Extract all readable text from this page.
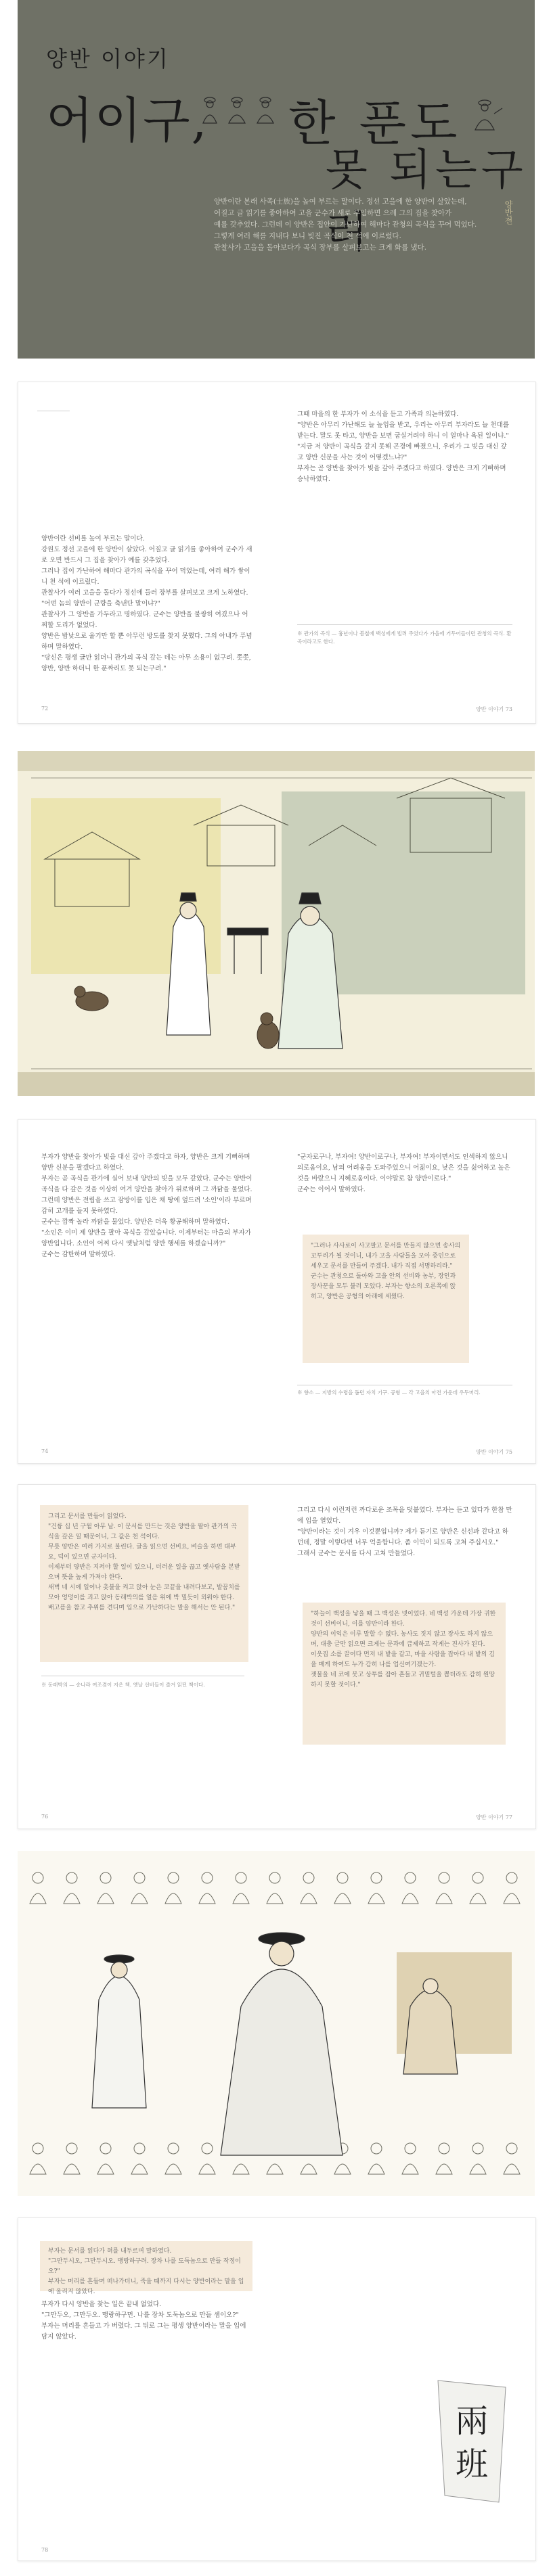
양반 이야기
어이구, 한 푼도
못 되는구려

양반이란 본래 사족(士族)을 높여 부르는 말이다. 정선 고을에 한 양반이 살았는데,

어질고 글 읽기를 좋아하여 고을 군수가 새로 부임하면 으레 그의 집을 찾아가

예를 갖추었다. 그런데 이 양반은 집안이 가난하여 해마다 관청의 곡식을 꾸어 먹었다.

그렇게 여러 해를 지내다 보니 빚진 곡식이 천 석에 이르렀다.

관찰사가 고을을 돌아보다가 곡식 장부를 살펴보고는 크게 화를 냈다.

양반전

양반이란 선비를 높여 부르는 말이다.

강원도 정선 고을에 한 양반이 살았다. 어질고 글 읽기를 좋아하여 군수가 새로 오면 반드시 그 집을 찾아가 예를 갖추었다.

그러나 집이 가난하여 해마다 관가의 곡식을 꾸어 먹었는데, 여러 해가 쌓이니 천 석에 이르렀다.

관찰사가 여러 고을을 돌다가 정선에 들러 장부를 살펴보고 크게 노하였다.

"어떤 놈의 양반이 군량을 축낸단 말이냐?"

관찰사가 그 양반을 가두라고 명하였다. 군수는 양반을 불쌍히 여겼으나 어찌할 도리가 없었다.

양반은 밤낮으로 울기만 할 뿐 아무런 방도를 찾지 못했다. 그의 아내가 푸념하며 말하였다.

"당신은 평생 글만 읽더니 관가의 곡식 갚는 데는 아무 소용이 없구려. 쯧쯧, 양반, 양반 하더니 한 푼짜리도 못 되는구려."

그때 마을의 한 부자가 이 소식을 듣고 가족과 의논하였다.

"양반은 아무리 가난해도 늘 높임을 받고, 우리는 아무리 부자라도 늘 천대를 받는다. 말도 못 타고, 양반을 보면 굽실거려야 하니 이 얼마나 욕된 일이냐."

"지금 저 양반이 곡식을 갚지 못해 곤경에 빠졌으니, 우리가 그 빚을 대신 갚고 양반 신분을 사는 것이 어떻겠느냐?"

부자는 곧 양반을 찾아가 빚을 갚아 주겠다고 하였다. 양반은 크게 기뻐하며 승낙하였다.

※ 관가의 곡식 — 흉년이나 봄철에 백성에게 빌려 주었다가 가을에 거두어들이던 관청의 곡식. 환곡이라고도 한다.
72	양반 이야기 73

부자가 양반을 찾아가 빚을 대신 갚아 주겠다고 하자, 양반은 크게 기뻐하며 양반 신분을 팔겠다고 하였다.

부자는 곧 곡식을 관가에 실어 보내 양반의 빚을 모두 갚았다. 군수는 양반이 곡식을 다 갚은 것을 이상히 여겨 양반을 찾아가 위로하며 그 까닭을 물었다.

그런데 양반은 전립을 쓰고 잠방이를 입은 채 땅에 엎드려 '소인'이라 부르며 감히 고개를 들지 못하였다.

군수는 깜짝 놀라 까닭을 물었다. 양반은 더욱 황공해하며 말하였다.

"소인은 이미 제 양반을 팔아 곡식을 갚았습니다. 이제부터는 마을의 부자가 양반입니다. 소인이 어찌 다시 옛날처럼 양반 행세를 하겠습니까?"

군수는 감탄하며 말하였다.

"군자로구나, 부자여! 양반이로구나, 부자여! 부자이면서도 인색하지 않으니 의로움이요, 남의 어려움을 도와주었으니 어짊이요, 낮은 것을 싫어하고 높은 것을 바랐으니 지혜로움이다. 이야말로 참 양반이로다."

군수는 이어서 말하였다.

"그러나 사사로이 사고팔고 문서를 만들지 않으면 송사의 꼬투리가 될 것이니, 내가 고을 사람들을 모아 증인으로 세우고 문서를 만들어 주겠다. 내가 직접 서명하리라."

군수는 관청으로 돌아와 고을 안의 선비와 농부, 장인과 장사꾼을 모두 불러 모았다. 부자는 향소의 오른쪽에 앉히고, 양반은 공형의 아래에 세웠다.

※ 향소 — 지방의 수령을 돕던 자치 기구. 공형 — 각 고을의 아전 가운데 우두머리.
74	양반 이야기 75

그리고 문서를 만들어 읽었다.

"건륭 십 년 구월 아무 날. 이 문서를 만드는 것은 양반을 팔아 관가의 곡식을 갚은 일 때문이니, 그 값은 천 석이다.

무릇 양반은 여러 가지로 불린다. 글을 읽으면 선비요, 벼슬을 하면 대부요, 덕이 있으면 군자이다.

이제부터 양반은 지켜야 할 일이 있으니, 더러운 일을 끊고 옛사람을 본받으며 뜻을 높게 가져야 한다.

새벽 네 시에 일어나 촛불을 켜고 앉아 눈은 코끝을 내려다보고, 발꿈치를 모아 엉덩이를 괴고 앉아 동래박의를 얼음 위에 박 밀듯이 외워야 한다.

배고픔을 참고 추위를 견디며 입으로 가난하다는 말을 해서는 안 된다."

※ 동래박의 — 송나라 여조겸이 지은 책. 옛날 선비들이 즐겨 읽던 책이다.

그리고 다시 이런저런 까다로운 조목을 덧붙였다. 부자는 듣고 있다가 한참 만에 입을 열었다.

"양반이라는 것이 겨우 이것뿐입니까? 제가 듣기로 양반은 신선과 같다고 하던데, 정말 이렇다면 너무 억울합니다. 좀 이익이 되도록 고쳐 주십시오."

그래서 군수는 문서를 다시 고쳐 만들었다.

"하늘이 백성을 낳을 때 그 백성은 넷이었다. 네 백성 가운데 가장 귀한 것이 선비이니, 이를 양반이라 한다.

양반의 이익은 이루 말할 수 없다. 농사도 짓지 않고 장사도 하지 않으며, 대충 글만 읽으면 크게는 문과에 급제하고 작게는 진사가 된다.

이웃집 소를 끌어다 먼저 내 밭을 갈고, 마을 사람을 잡아다 내 밭의 김을 매게 하여도 누가 감히 나를 업신여기겠는가.

잿물을 네 코에 붓고 상투를 잡아 흔들고 귀밑털을 뽑더라도 감히 원망하지 못할 것이다."

76	양반 이야기 77

부자는 문서를 읽다가 혀를 내두르며 말하였다.

"그만두시오, 그만두시오. 맹랑하구려. 장차 나를 도둑놈으로 만들 작정이오?"

부자는 머리를 흔들며 떠나가더니, 죽을 때까지 다시는 양반이라는 말을 입에 올리지 않았다.

부자가 다시 양반을 찾는 일은 끝내 없었다.

"그만두오, 그만두오. 맹랑하구먼. 나를 장차 도둑놈으로 만들 셈이오?"

부자는 머리를 흔들고 가 버렸다. 그 뒤로 그는 평생 양반이라는 말을 입에 담지 않았다.

兩
班
78
